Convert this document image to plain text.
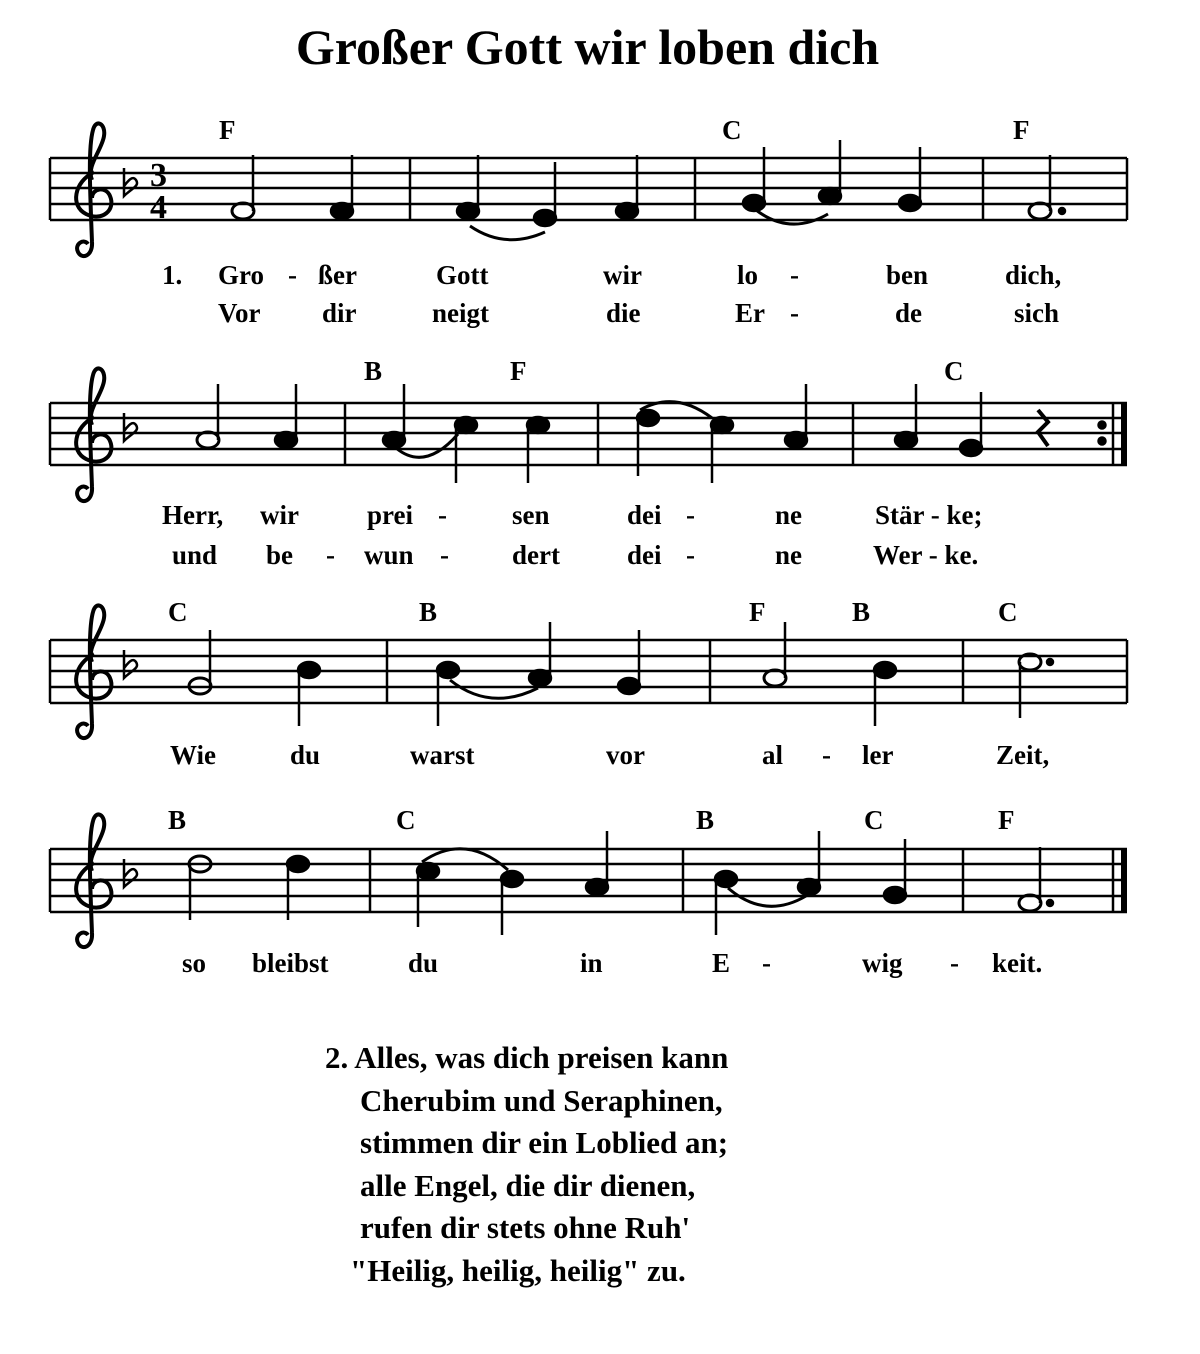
Großer Gott wir loben dich
3
4
F	C	F
1. Gro - ßer	Gott	wir	lo -	ben	dich,
Vor dir	neigt	die	Er -	de	sich
B	F	C
Herr, wir	prei - sen	dei -	ne	Stär - ke;
und be - wun - dert dei -	ne	Wer - ke.
C	B	F	B	C
Wie	du	warst	vor	al - ler	Zeit,
B	C	B	C	F
so bleibst	du	in	E -	wig - keit.
2. Alles, was dich preisen kann
Cherubim und Seraphinen,
stimmen dir ein Loblied an;
alle Engel, die dir dienen,
rufen dir stets ohne Ruh'
"Heilig, heilig, heilig" zu.
